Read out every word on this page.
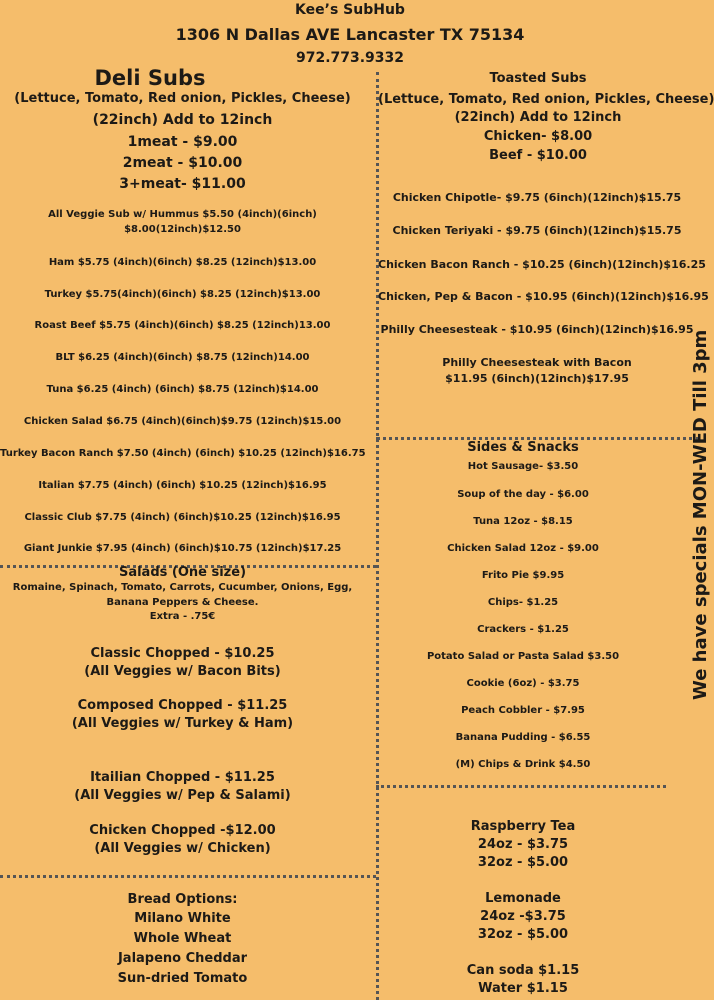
Kee’s SubHub
1306 N Dallas AVE Lancaster TX 75134
972.773.9332
Deli Subs
(Lettuce, Tomato, Red onion, Pickles, Cheese)
(22inch) Add to 12inch
1meat - $9.00
2meat - $10.00
3+meat- $11.00
All Veggie Sub w/ Hummus $5.50 (4inch)(6inch)
$8.00(12inch)$12.50
Ham $5.75 (4inch)(6inch) $8.25 (12inch)$13.00
Turkey $5.75(4inch)(6inch) $8.25 (12inch)$13.00
Roast Beef $5.75 (4inch)(6inch) $8.25 (12inch)13.00
BLT $6.25 (4inch)(6inch) $8.75 (12inch)14.00
Tuna $6.25 (4inch) (6inch) $8.75 (12inch)$14.00
Chicken Salad $6.75 (4inch)(6inch)$9.75 (12inch)$15.00
Turkey Bacon Ranch $7.50 (4inch) (6inch) $10.25 (12inch)$16.75
Italian $7.75 (4inch) (6inch) $10.25 (12inch)$16.95
Classic Club $7.75 (4inch) (6inch)$10.25 (12inch)$16.95
Giant Junkie $7.95 (4inch) (6inch)$10.75 (12inch)$17.25
Salads (One size)
Romaine, Spinach, Tomato, Carrots, Cucumber, Onions, Egg,
Banana Peppers & Cheese.
Extra - .75€
Classic Chopped - $10.25
(All Veggies w/ Bacon Bits)
Composed Chopped - $11.25
(All Veggies w/ Turkey & Ham)
Itailian Chopped - $11.25
(All Veggies w/ Pep & Salami)
Chicken Chopped -$12.00
(All Veggies w/ Chicken)
Bread Options:
Milano White
Whole Wheat
Jalapeno Cheddar
Sun-dried Tomato
Toasted Subs
(Lettuce, Tomato, Red onion, Pickles, Cheese)
(22inch) Add to 12inch
Chicken- $8.00
Beef - $10.00
Chicken Chipotle- $9.75 (6inch)(12inch)$15.75
Chicken Teriyaki - $9.75 (6inch)(12inch)$15.75
Chicken Bacon Ranch - $10.25 (6inch)(12inch)$16.25
Chicken, Pep & Bacon - $10.95 (6inch)(12inch)$16.95
Philly Cheesesteak - $10.95 (6inch)(12inch)$16.95
Philly Cheesesteak with Bacon
$11.95 (6inch)(12inch)$17.95
Sides & Snacks
Hot Sausage- $3.50
Soup of the day - $6.00
Tuna 12oz - $8.15
Chicken Salad 12oz - $9.00
Frito Pie $9.95
Chips- $1.25
Crackers - $1.25
Potato Salad or Pasta Salad $3.50
Cookie (6oz) - $3.75
Peach Cobbler - $7.95
Banana Pudding - $6.55
(M) Chips & Drink $4.50
Raspberry Tea
24oz - $3.75
32oz - $5.00
Lemonade
24oz -$3.75
32oz - $5.00
Can soda $1.15
Water $1.15
We have specials MON-WED Till 3pm
